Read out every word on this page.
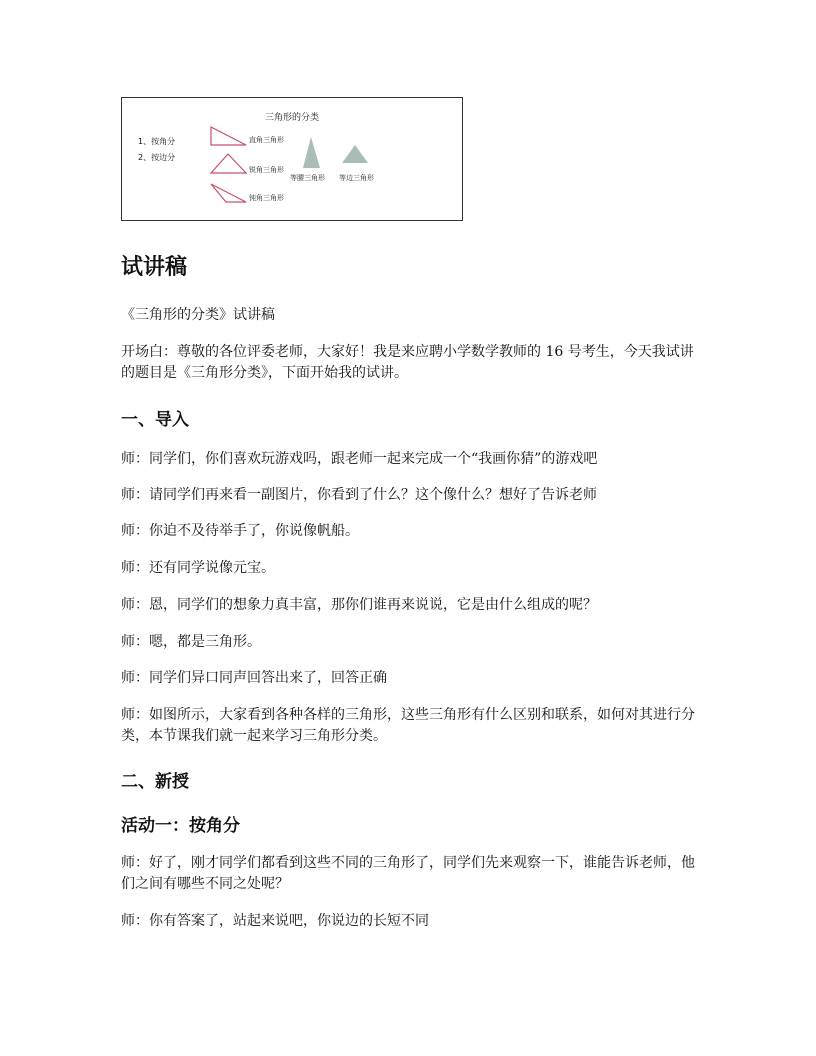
三角形的分类
1、按角分
2、按边分
直角三角形
锐角三角形
钝角三角形
等腰三角形 等边三角形
试讲稿

《三角形的分类》试讲稿

开场白：尊敬的各位评委老师，大家好！我是来应聘小学数学教师的 16 号考生，今天我试讲的题目是《三角形分类》，下面开始我的试讲。

一、导入

师：同学们，你们喜欢玩游戏吗，跟老师一起来完成一个“我画你猜”的游戏吧

师：请同学们再来看一副图片，你看到了什么？这个像什么？想好了告诉老师

师：你迫不及待举手了，你说像帆船。

师：还有同学说像元宝。

师：恩，同学们的想象力真丰富，那你们谁再来说说，它是由什么组成的呢？

师：嗯，都是三角形。

师：同学们异口同声回答出来了，回答正确

师：如图所示，大家看到各种各样的三角形，这些三角形有什么区别和联系，如何对其进行分类，本节课我们就一起来学习三角形分类。

二、新授
活动一：按角分

师：好了，刚才同学们都看到这些不同的三角形了，同学们先来观察一下，谁能告诉老师，他们之间有哪些不同之处呢？

师：你有答案了，站起来说吧，你说边的长短不同
